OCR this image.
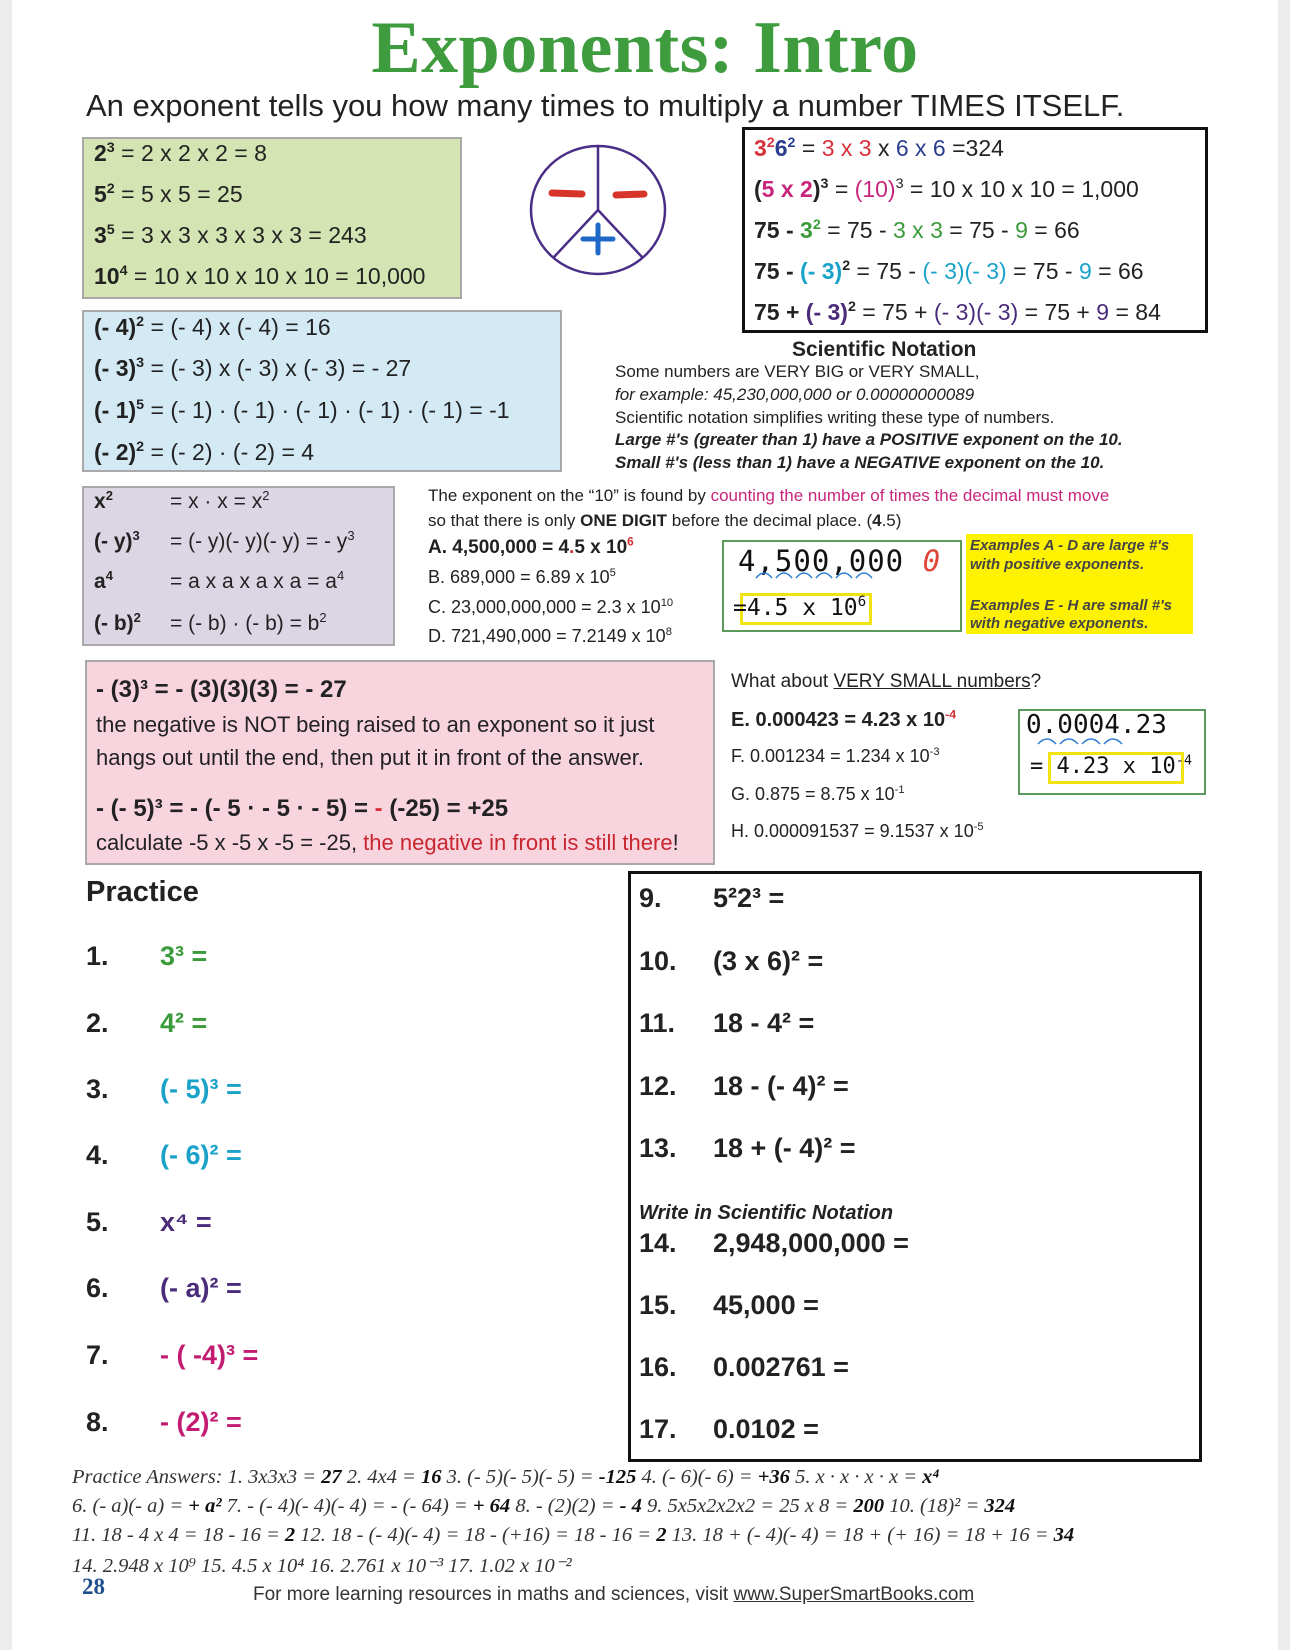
Exponents: Intro
An exponent tells you how many times to multiply a number TIMES ITSELF.
$3^26^2 = 3$ x 3 x 6 x 6 =324
(5 x $2)^3 = (10)^3 = 10$ x 10 x 10 = 1,000
$75 - 3^2 = 75 - 3$ x 3 = 75 - 9 = 66
75 - (- 3)$^2$ = 75 - (- 3)(- 3) = 75 - 9 = 66
75 + (- 3)$^2$ = 75 + (- 3)(- 3) = 75 + 9 = 84
Scientific Notation
Some numbers are VERY BIG or VERY SMALL,
for example: 45,230,000,000 or 0.00000000089
Scientific notation simplifies writing these type of numbers.
Large #'s (greater than 1) have a POSITIVE exponent on the 10.
Small #'s (less than 1) have a NEGATIVE exponent on the 10.
The exponent on the “10” is found by counting the number of times the decimal must move
so that there is only ONE DIGIT before the decimal place. (4.5)
A. 4,500,000 = 4.5 x $10^6$
B. 689,000 = 6.89 x $10^5$
C. 23,000,000,000 = 2.3 x $10^{10}$
D. 721,490,000 = 7.2149 x $10^8$
4,500,000 0
=4.5 x $10^6$
Examples A - D are large #'s
with positive exponents.
Examples E - H are small #'s
with negative exponents.
- (3)³ = - (3)(3)(3) = - 27
the negative is NOT being raised to an exponent so it just
hangs out until the end, then put it in front of the answer.
- (- 5)³ = - (- 5 · - 5 · - 5) = - (-25) = +25
calculate -5 x -5 x -5 = -25, the negative in front is still there!
What about VERY SMALL numbers?
E. 0.000423 = 4.23 x $10^{-4}$
F. 0.001234 = 1.234 x $10^{-3}$
G. 0.875 = 8.75 x $10^{-1}$
H. 0.000091537 = 9.1537 x $10^{-5}$
0.0004.23
= 4.23 x $10^{-4}$
Practice
Write in Scientific Notation
28	For more learning resources in maths and sciences, visit www.SuperSmartBooks.com
$2^3 = 2$ x 2 x 2 = 8
$5^2 = 5$ x 5 = 25
$3^5 = 3$ x 3 x 3 x 3 x 3 = 243
$10^4 = 10$ x 10 x 10 x 10 = 10,000
(- 4)$^2$ = (- 4) x (- 4) = 16
(- 3)$^3$ = (- 3) x (- 3) x (- 3) = - 27
(- 1)$^5$ = (- 1) · (- 1) · (- 1) · (- 1) · (- 1) = -1
(- 2)$^2$ = (- 2) · (- 2) = 4
$x^2$	= $x \cdot x = x^2$
(- y)$^3$ = (- y)(- y)(- y) = - $y^3$
$a^4$	= a x a x a x $a = a^4$
(- b)$^2$ = (- b) · (- $b) = b^2$
1. 3³ =
2. 4² =
3. (- 5)³ =
4. (- 6)² =
5. x⁴ =
6. (- a)² =
7. - ( -4)³ =
8. - (2)² =
9. 5²2³ =
10. (3 x 6)² =
11. 18 - 4² =
12. 18 - (- 4)² =
13. 18 + (- 4)² =
14. 2,948,000,000 =
15. 45,000 =
16. 0.002761 =
17. 0.0102 =
Practice Answers: 1. 3x3x3 = 27 2. 4x4 = 16 3. (- 5)(- 5)(- 5) = -125 4. (- 6)(- 6) = +36 5. x · x · x · x = x⁴
6. (- a)(- a) = + a² 7. - (- 4)(- 4)(- 4) = - (- 64) = + 64 8. - (2)(2) = - 4 9. 5x5x2x2x2 = 25 x 8 = 200 10. (18)² = 324
11. 18 - 4 x 4 = 18 - 16 = 2 12. 18 - (- 4)(- 4) = 18 - (+16) = 18 - 16 = 2 13. 18 + (- 4)(- 4) = 18 + (+ 16) = 18 + 16 = 34
14. 2.948 x 10⁹ 15. 4.5 x 10⁴ 16. 2.761 x 10⁻³ 17. 1.02 x 10⁻²
